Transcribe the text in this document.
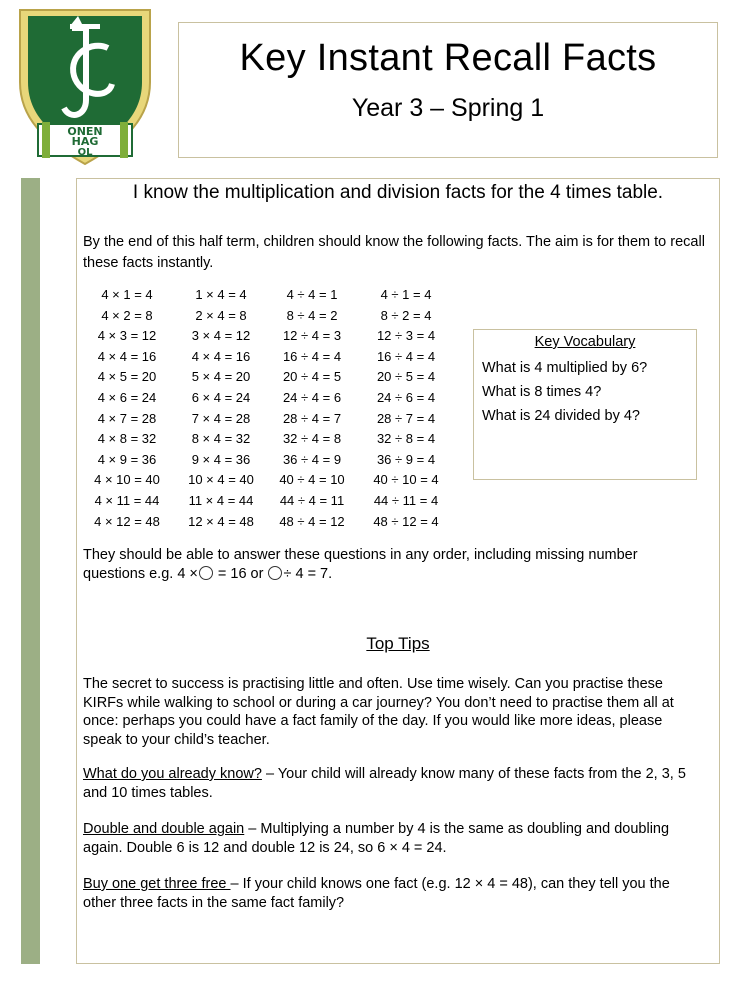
ONEN
HAG
OL
Key Instant Recall Facts
Year 3 – Spring 1
I know the multiplication and division facts for the 4 times table.
By the end of this half term, children should know the following facts. The aim is for them to recall these facts instantly.
4 × 1 = 4
4 × 2 = 8
4 × 3 = 12
4 × 4 = 16
4 × 5 = 20
4 × 6 = 24
4 × 7 = 28
4 × 8 = 32
4 × 9 = 36
4 × 10 = 40
4 × 11 = 44
4 × 12 = 48
1 × 4 = 4
2 × 4 = 8
3 × 4 = 12
4 × 4 = 16
5 × 4 = 20
6 × 4 = 24
7 × 4 = 28
8 × 4 = 32
9 × 4 = 36
10 × 4 = 40
11 × 4 = 44
12 × 4 = 48
4 ÷ 4 = 1
8 ÷ 4 = 2
12 ÷ 4 = 3
16 ÷ 4 = 4
20 ÷ 4 = 5
24 ÷ 4 = 6
28 ÷ 4 = 7
32 ÷ 4 = 8
36 ÷ 4 = 9
40 ÷ 4 = 10
44 ÷ 4 = 11
48 ÷ 4 = 12
4 ÷ 1 = 4
8 ÷ 2 = 4
12 ÷ 3 = 4
16 ÷ 4 = 4
20 ÷ 5 = 4
24 ÷ 6 = 4
28 ÷ 7 = 4
32 ÷ 8 = 4
36 ÷ 9 = 4
40 ÷ 10 = 4
44 ÷ 11 = 4
48 ÷ 12 = 4
Key Vocabulary
What is 4 multiplied by 6?
What is 8 times 4?
What is 24 divided by 4?
They should be able to answer these questions in any order, including missing number questions e.g. 4 × = 16 or ÷ 4 = 7.
Top Tips
The secret to success is practising little and often. Use time wisely. Can you practise these KIRFs while walking to school or during a car journey? You don’t need to practise them all at once: perhaps you could have a fact family of the day. If you would like more ideas, please speak to your child’s teacher.
What do you already know? – Your child will already know many of these facts from the 2, 3, 5 and 10 times tables.
Double and double again – Multiplying a number by 4 is the same as doubling and doubling again. Double 6 is 12 and double 12 is 24, so 6 × 4 = 24.
Buy one get three free – If your child knows one fact (e.g. 12 × 4 = 48), can they tell you the other three facts in the same fact family?
